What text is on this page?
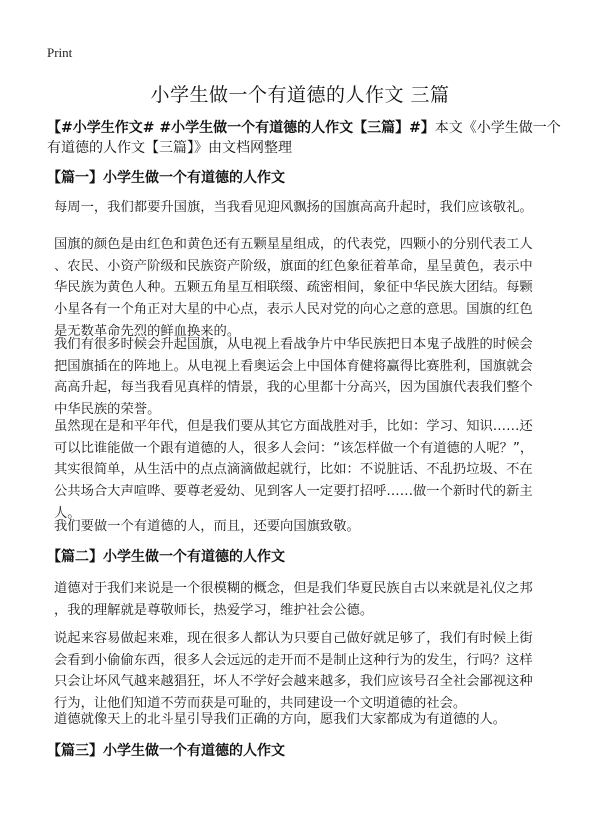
Print
小学生做一个有道德的人作文 三篇
【#小学生作文# #小学生做一个有道德的人作文【三篇】#】本文《小学生做一个
有道德的人作文【三篇】》由文档网整理
【篇一】小学生做一个有道德的人作文
每周一，我们都要升国旗，当我看见迎风飘扬的国旗高高升起时，我们应该敬礼。
国旗的颜色是由红色和黄色还有五颗星星组成，的代表党，四颗小的分别代表工人
、农民、小资产阶级和民族资产阶级，旗面的红色象征着革命，星呈黄色，表示中
华民族为黄色人种。五颗五角星互相联缀、疏密相间，象征中华民族大团结。每颗
小星各有一个角正对大星的中心点，表示人民对党的向心之意的意思。国旗的红色
是无数革命先烈的鲜血换来的。
我们有很多时候会升起国旗，从电视上看战争片中华民族把日本鬼子战胜的时候会
把国旗插在的阵地上。从电视上看奥运会上中国体育健将赢得比赛胜利，国旗就会
高高升起，每当我看见真样的情景，我的心里都十分高兴，因为国旗代表我们整个
中华民族的荣誉。
虽然现在是和平年代，但是我们要从其它方面战胜对手，比如：学习、知识……还
可以比谁能做一个跟有道德的人，很多人会问：“该怎样做一个有道德的人呢？”，
其实很简单，从生活中的点点滴滴做起就行，比如：不说脏话、不乱扔垃圾、不在
公共场合大声喧哗、要尊老爱幼、见到客人一定要打招呼……做一个新时代的新主
人。
我们要做一个有道德的人，而且，还要向国旗致敬。
【篇二】小学生做一个有道德的人作文
道德对于我们来说是一个很模糊的概念，但是我们华夏民族自古以来就是礼仪之邦
，我的理解就是尊敬师长，热爱学习，维护社会公德。
说起来容易做起来难，现在很多人都认为只要自己做好就足够了，我们有时候上街
会看到小偷偷东西，很多人会远远的走开而不是制止这种行为的发生，行吗？这样
只会让坏风气越来越猖狂，坏人不学好会越来越多，我们应该号召全社会鄙视这种
行为，让他们知道不劳而获是可耻的，共同建设一个文明道德的社会。
道德就像天上的北斗星引导我们正确的方向，愿我们大家都成为有道德的人。
【篇三】小学生做一个有道德的人作文
